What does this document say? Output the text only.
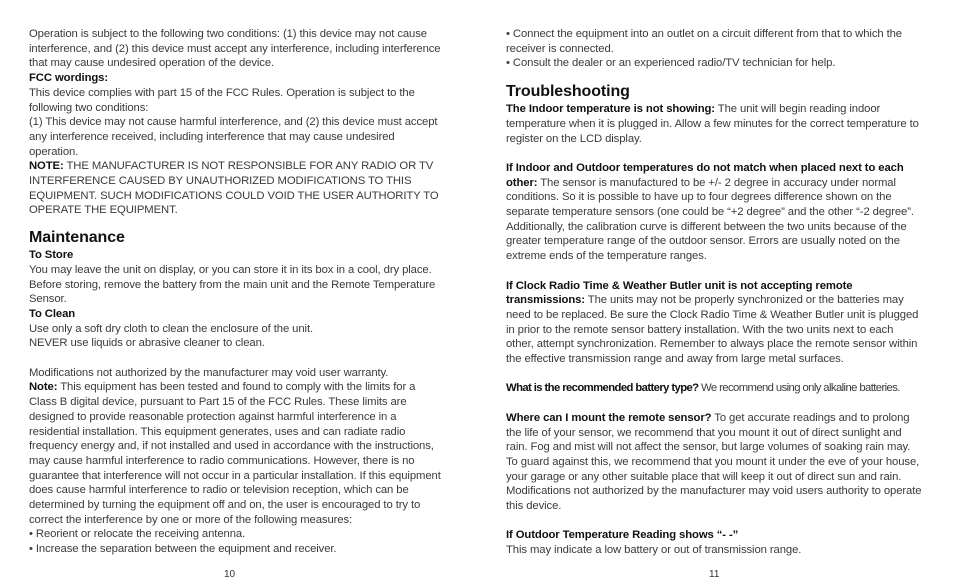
Operation is subject to the following two conditions: (1) this device may not cause interference, and (2) this device must accept any interference, including interference that may cause undesired operation of the device.

FCC wordings:

This device complies with part 15 of the FCC Rules. Operation is subject to the following two conditions:

(1) This device may not cause harmful interference, and (2) this device must accept any interference received, including interference that may cause undesired operation.

NOTE: THE MANUFACTURER IS NOT RESPONSIBLE FOR ANY RADIO OR TV INTERFERENCE CAUSED BY UNAUTHORIZED MODIFICATIONS TO THIS EQUIPMENT. SUCH MODIFICATIONS COULD VOID THE USER AUTHORITY TO OPERATE THE EQUIPMENT.

Maintenance

To Store

You may leave the unit on display, or you can store it in its box in a cool, dry place. Before storing, remove the battery from the main unit and the Remote Temperature Sensor.

To Clean

Use only a soft dry cloth to clean the enclosure of the unit.

NEVER use liquids or abrasive cleaner to clean.

Modifications not authorized by the manufacturer may void user warranty.

Note: This equipment has been tested and found to comply with the limits for a Class B digital device, pursuant to Part 15 of the FCC Rules. These limits are designed to provide reasonable protection against harmful interference in a residential installation. This equipment generates, uses and can radiate radio frequency energy and, if not installed and used in accordance with the instructions, may cause harmful interference to radio communications. However, there is no guarantee that interference will not occur in a particular installation. If this equipment does cause harmful interference to radio or television reception, which can be determined by turning the equipment off and on, the user is encouraged to try to correct the interference by one or more of the following measures:

• Reorient or relocate the receiving antenna.

• Increase the separation between the equipment and receiver.

• Connect the equipment into an outlet on a circuit different from that to which the receiver is connected.

• Consult the dealer or an experienced radio/TV technician for help.

Troubleshooting

The Indoor temperature is not showing: The unit will begin reading indoor temperature when it is plugged in. Allow a few minutes for the correct temperature to register on the LCD display.

If Indoor and Outdoor temperatures do not match when placed next to each other: The sensor is manufactured to be +/- 2 degree in accuracy under normal conditions. So it is possible to have up to four degrees difference shown on the separate temperature sensors (one could be “+2 degree” and the other “-2 degree”. Additionally, the calibration curve is different between the two units because of the greater temperature range of the outdoor sensor. Errors are usually noted on the extreme ends of the temperature ranges.

If Clock Radio Time & Weather Butler unit is not accepting remote transmissions: The units may not be properly synchronized or the batteries may need to be replaced. Be sure the Clock Radio Time & Weather Butler unit is plugged in prior to the remote sensor battery installation. With the two units next to each other, attempt synchronization. Remember to always place the remote sensor within the effective transmission range and away from large metal surfaces.

What is the recommended battery type? We recommend using only alkaline batteries.

Where can I mount the remote sensor? To get accurate readings and to prolong the life of your sensor, we recommend that you mount it out of direct sunlight and rain. Fog and mist will not affect the sensor, but large volumes of soaking rain may. To guard against this, we recommend that you mount it under the eve of your house, your garage or any other suitable place that will keep it out of direct sun and rain. Modifications not authorized by the manufacturer may void users authority to operate this device.

If Outdoor Temperature Reading shows “- -”

This may indicate a low battery or out of transmission range.

10	11
